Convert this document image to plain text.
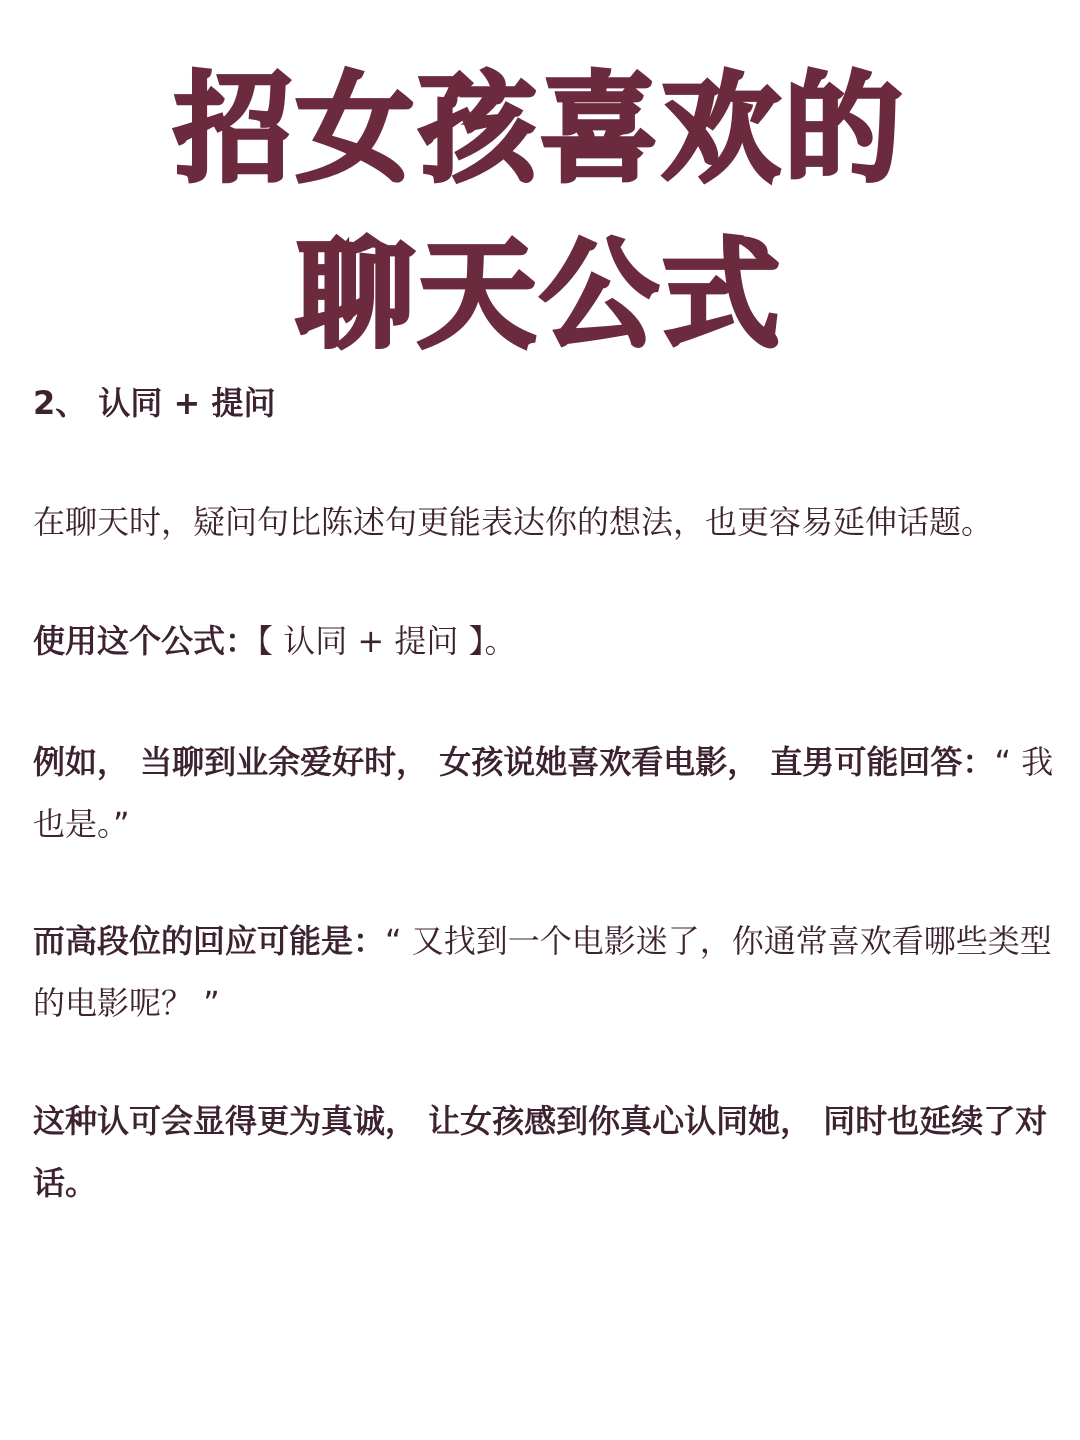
招女孩喜欢的
聊天公式
2、 认同 + 提问
在聊天时，疑问句比陈述句更能表达你的想法，也更容易延伸话题。
使用这个公式：【 认同 + 提问 】。
例如， 当聊到业余爱好时， 女孩说她喜欢看电影， 直男可能回答：“ 我也是。”
而高段位的回应可能是：“ 又找到一个电影迷了，你通常喜欢看哪些类型的电影呢？ ”
这种认可会显得更为真诚， 让女孩感到你真心认同她， 同时也延续了对话。
